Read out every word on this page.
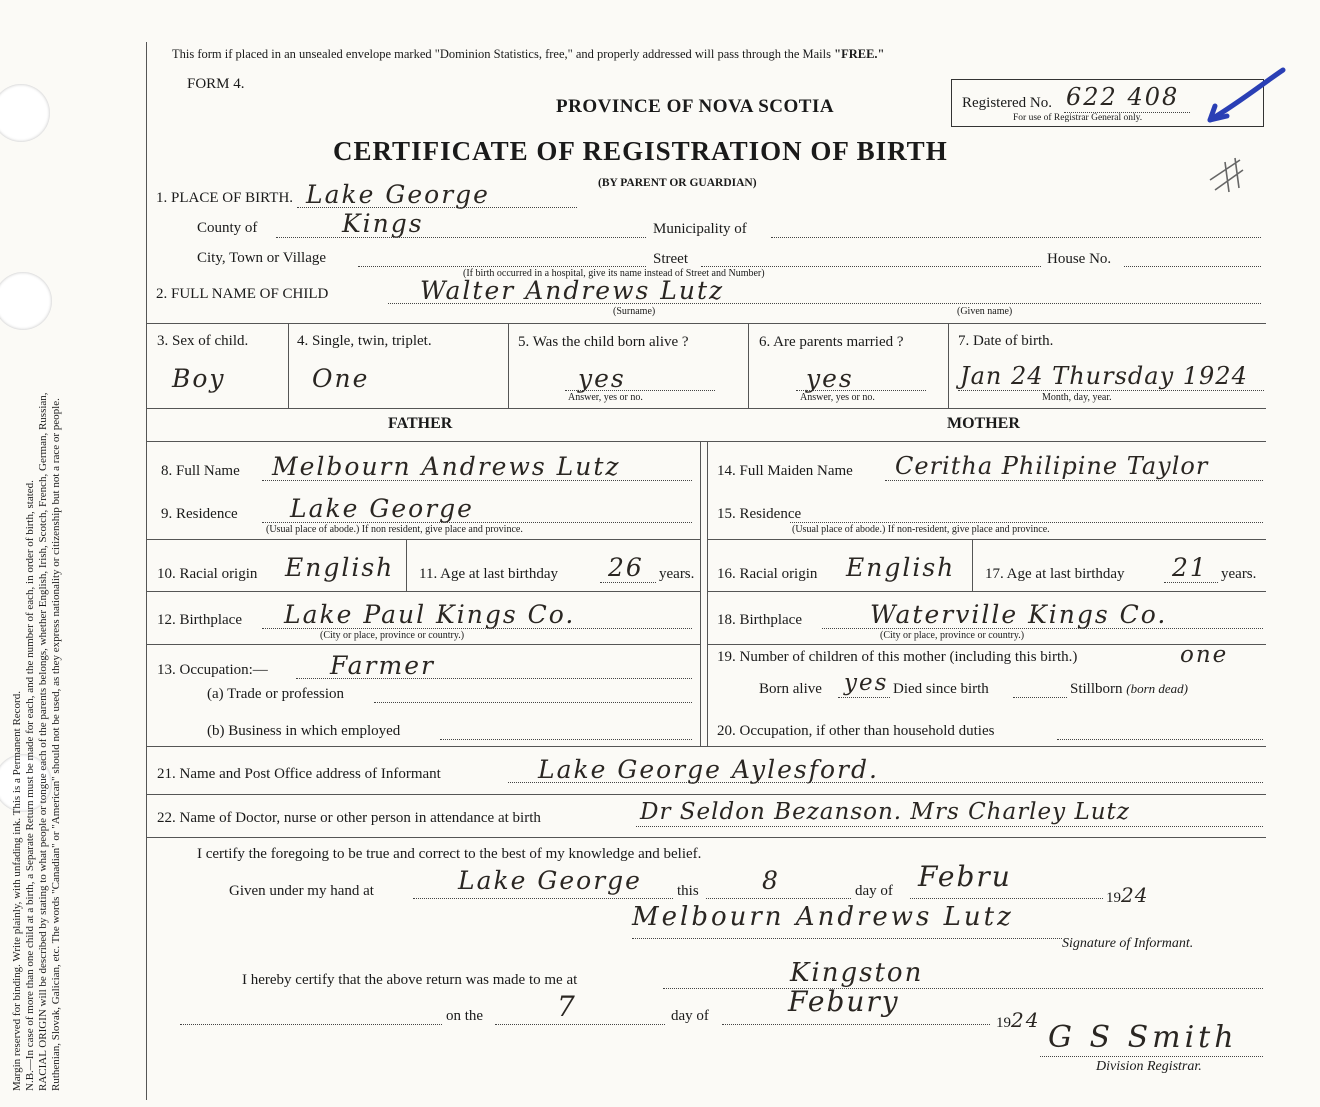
Margin reserved for binding. Write plainly, with unfading ink. This is a Permanent Record. N.B.—In case of more than one child at a birth, a Separate Return must be made for each, and the number of each, in order of birth, stated. RACIAL ORIGIN will be described by stating to what people or tongue each of the parents belongs, whether English, Irish, Scotch, French, German, Russian, Ruthenian, Slovak, Galician, etc. The words "Canadian" or "American" should not be used, as they express nationality or citizenship but not a race or people.
This form if placed in an unsealed envelope marked "Dominion Statistics, free," and properly addressed will pass through the Mails "FREE."
FORM 4.
PROVINCE OF NOVA SCOTIA
CERTIFICATE OF REGISTRATION OF BIRTH
(BY PARENT OR GUARDIAN)
Registered No. 622 408
For use of Registrar General only.
1. PLACE OF BIRTH. Lake George
County of	Kings	Municipality of
City, Town or Village	Street	House No.
(If birth occurred in a hospital, give its name instead of Street and Number)
2. FULL NAME OF CHILD	Walter Andrews Lutz
(Surname)	(Given name)
3. Sex of child.
Boy
4. Single, twin, triplet.
One
5. Was the child born alive ?
yes
Answer, yes or no.
6. Are parents married ?
yes
Answer, yes or no.
7. Date of birth.
Jan 24 Thursday 1924
Month, day, year.
FATHER	MOTHER
8. Full Name Melbourn Andrews Lutz
9. Residence Lake George
(Usual place of abode.) If non resident, give place and province.
10. Racial origin English 11. Age at last birthday 26 years.
12. Birthplace Lake Paul Kings Co.
(City or place, province or country.)
13. Occupation:— Farmer
(a) Trade or profession
(b) Business in which employed
14. Full Maiden Name Ceritha Philipine Taylor
15. Residence
(Usual place of abode.) If non-resident, give place and province.
16. Racial origin English 17. Age at last birthday 21 years.
18. Birthplace	Waterville Kings Co.
(City or place, province or country.)
19. Number of children of this mother (including this birth.)	one
Born alive yes Died since birth	Stillborn (born dead)
20. Occupation, if other than household duties
21. Name and Post Office address of Informant	Lake George Aylesford.
22. Name of Doctor, nurse or other person in attendance at birth	Dr Seldon Bezanson. Mrs Charley Lutz
I certify the foregoing to be true and correct to the best of my knowledge and belief.
Given under my hand at	Lake George this	8	day of Febru
1924
Melbourn Andrews Lutz
Signature of Informant.
I hereby certify that the above return was made to me at	Kingston
on the	7	day of	Febury
1924 G S Smith
Division Registrar.
